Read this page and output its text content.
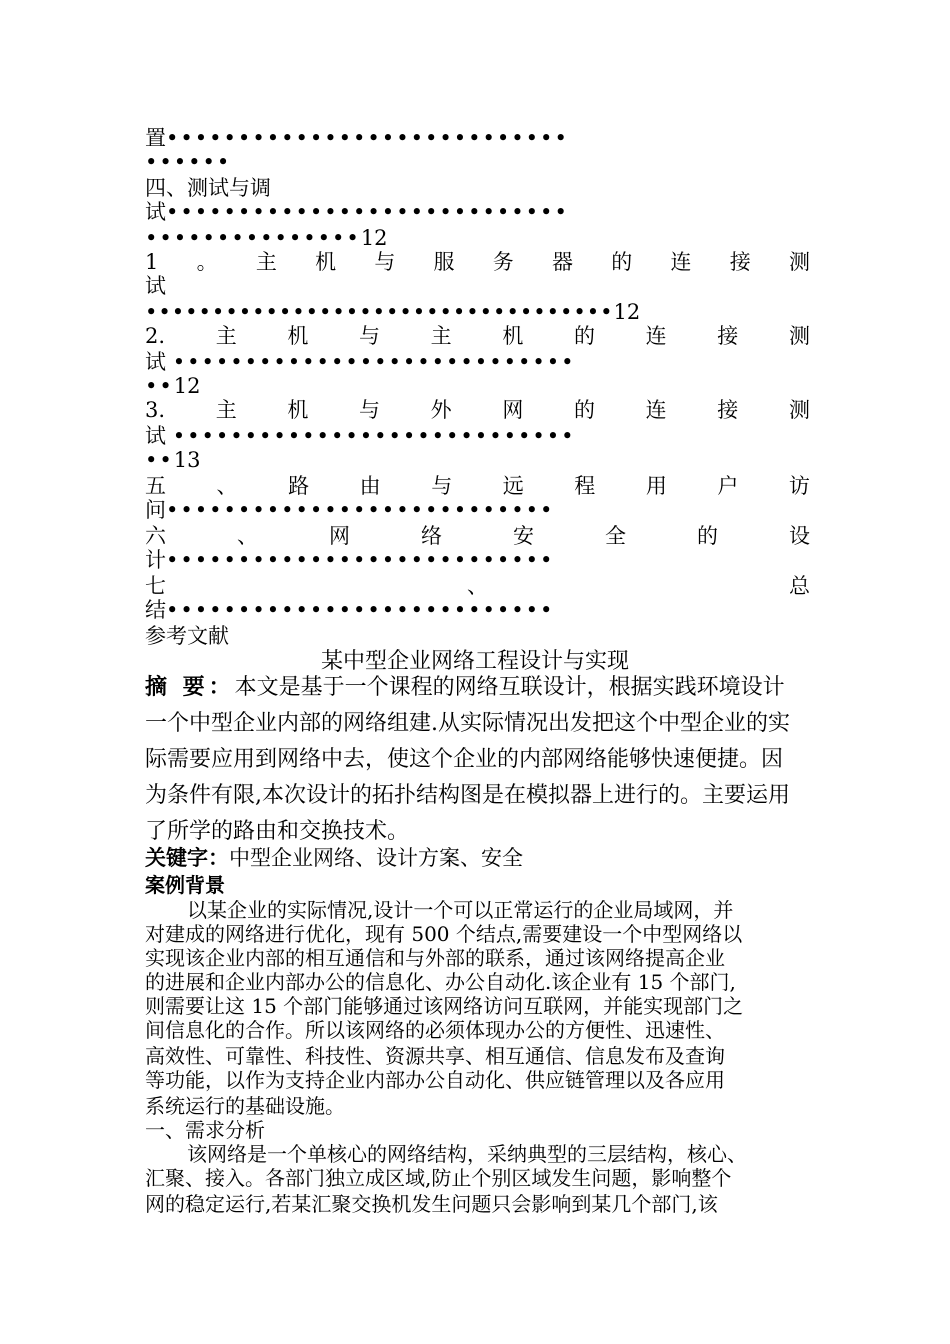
置••••••••••••••••••••••••••••
••••••
四、测试与调
试••••••••••••••••••••••••••••
•••••••••••••••12
1 。 主 机 与 服 务 器 的 连 接 测
试
•••••••••••••••••••••••••••••••••••12
2. 主 机 与 主 机 的 连 接 测
试 ••••••••••••••••••••••••••••
••12
3. 主 机 与 外 网 的 连 接 测
试 ••••••••••••••••••••••••••••
••13
五 、 路 由 与 远 程 用 户 访
问•••••••••••••••••••••••••••
六	、	网	络	安	全	的	设
计•••••••••••••••••••••••••••
七	、	总
结•••••••••••••••••••••••••••
参考文献
某中型企业网络工程设计与实现
摘 要：本文是基于一个课程的网络互联设计，根据实践环境设计
一个中型企业内部的网络组建.从实际情况出发把这个中型企业的实
际需要应用到网络中去，使这个企业的内部网络能够快速便捷。因
为条件有限,本次设计的拓扑结构图是在模拟器上进行的。主要运用
了所学的路由和交换技术。
关键字：中型企业网络、设计方案、安全
案例背景
以某企业的实际情况,设计一个可以正常运行的企业局域网，并
对建成的网络进行优化，现有 500 个结点,需要建设一个中型网络以
实现该企业内部的相互通信和与外部的联系，通过该网络提高企业
的进展和企业内部办公的信息化、办公自动化.该企业有 15 个部门,
则需要让这 15 个部门能够通过该网络访问互联网，并能实现部门之
间信息化的合作。所以该网络的必须体现办公的方便性、迅速性、
高效性、可靠性、科技性、资源共享、相互通信、信息发布及查询
等功能，以作为支持企业内部办公自动化、供应链管理以及各应用
系统运行的基础设施。
一、需求分析
该网络是一个单核心的网络结构，采纳典型的三层结构，核心、
汇聚、接入。各部门独立成区域,防止个别区域发生问题，影响整个
网的稳定运行,若某汇聚交换机发生问题只会影响到某几个部门,该
